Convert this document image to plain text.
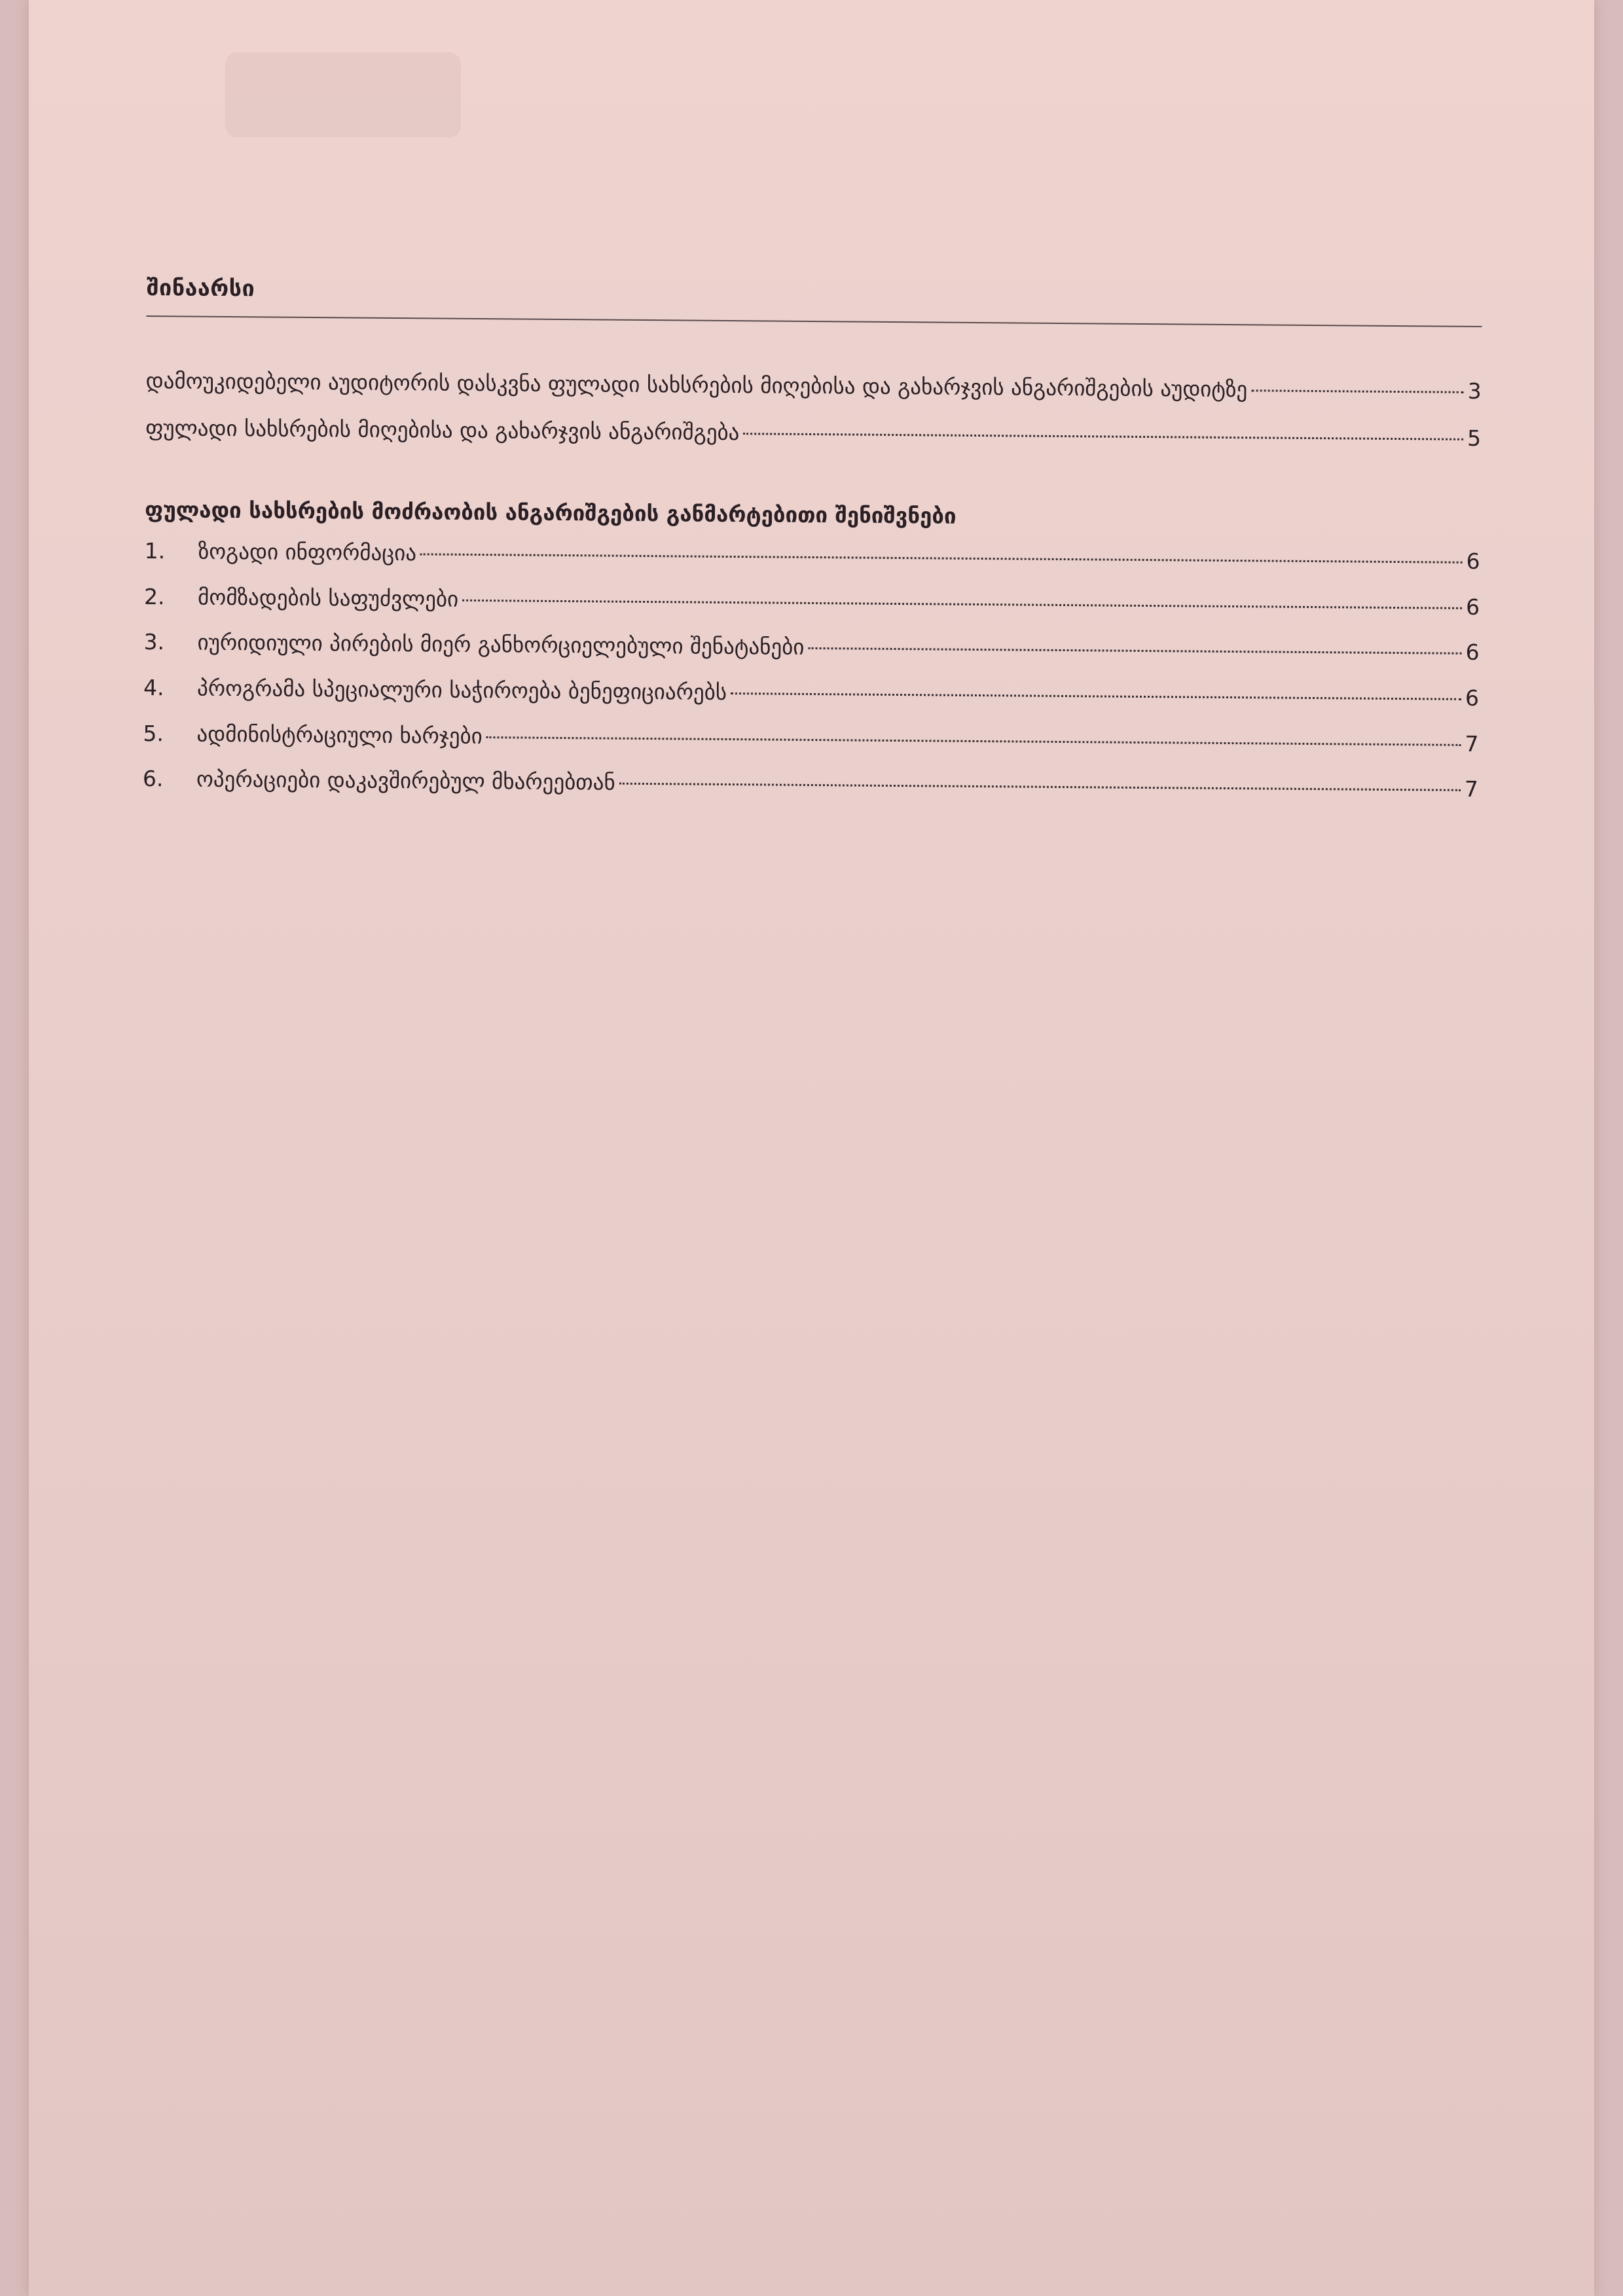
შინაარსი
დამოუკიდებელი აუდიტორის დასკვნა ფულადი სახსრების მიღებისა და გახარჯვის ანგარიშგების აუდიტზე	3
ფულადი სახსრების მიღებისა და გახარჯვის ანგარიშგება	5
ფულადი სახსრების მოძრაობის ანგარიშგების განმარტებითი შენიშვნები
1.	ზოგადი ინფორმაცია	6
2.	მომზადების საფუძვლები	6
3.	იურიდიული პირების მიერ განხორციელებული შენატანები	6
4.	პროგრამა სპეციალური საჭიროება ბენეფიციარებს	6
5.	ადმინისტრაციული ხარჯები	7
6.	ოპერაციები დაკავშირებულ მხარეებთან	7
